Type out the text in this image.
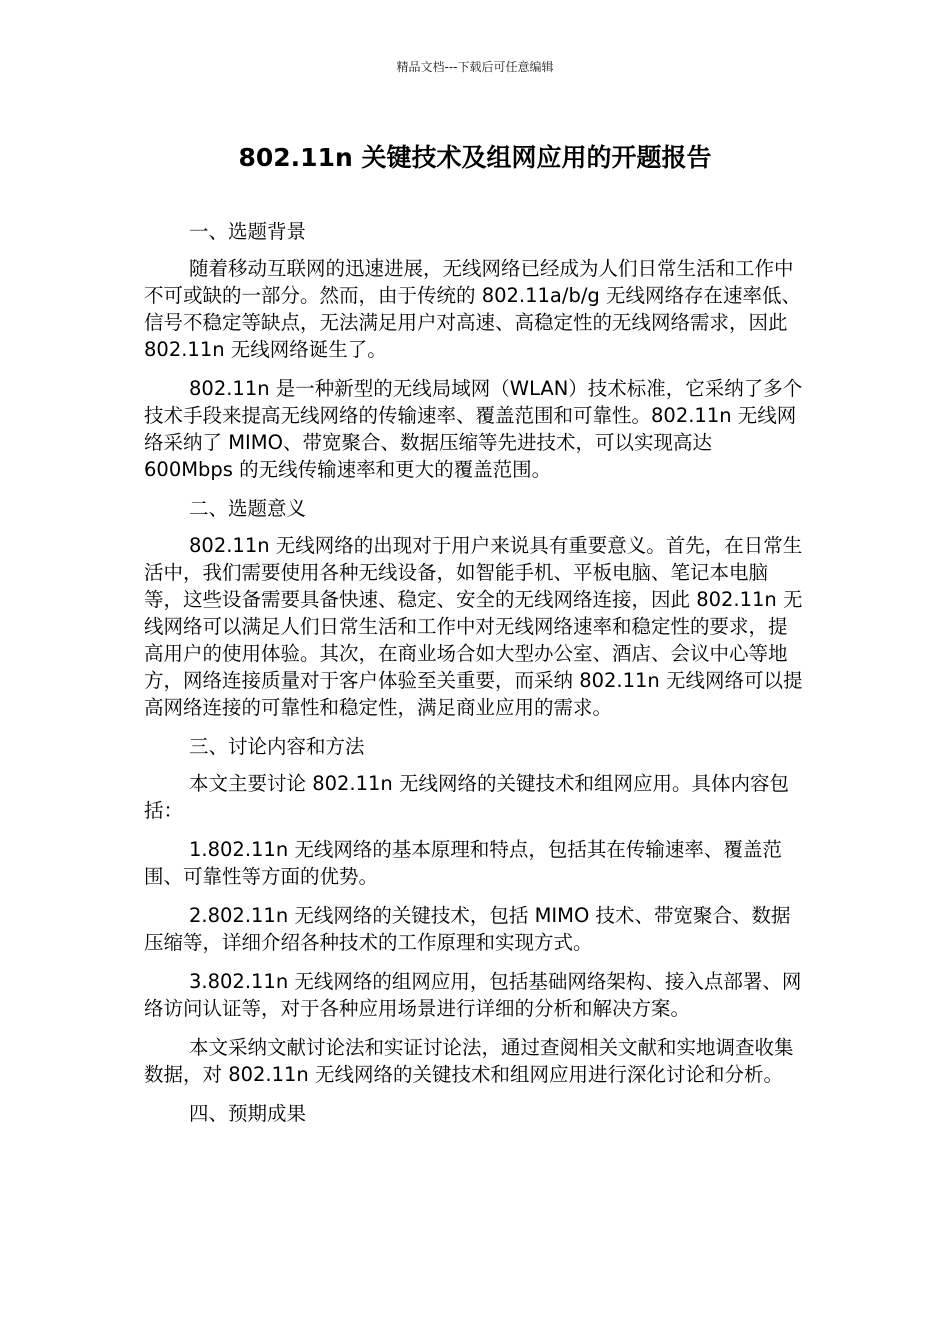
精品文档---下载后可任意编辑
802.11n 关键技术及组网应用的开题报告

一、选题背景

随着移动互联网的迅速进展，无线网络已经成为人们日常生活和工作中不可或缺的一部分。然而，由于传统的 802.11a/b/g 无线网络存在速率低、信号不稳定等缺点，无法满足用户对高速、高稳定性的无线网络需求，因此 802.11n 无线网络诞生了。

802.11n 是一种新型的无线局域网（WLAN）技术标准，它采纳了多个技术手段来提高无线网络的传输速率、覆盖范围和可靠性。802.11n 无线网络采纳了 MIMO、带宽聚合、数据压缩等先进技术，可以实现高达 600Mbps 的无线传输速率和更大的覆盖范围。

二、选题意义

802.11n 无线网络的出现对于用户来说具有重要意义。首先，在日常生活中，我们需要使用各种无线设备，如智能手机、平板电脑、笔记本电脑等，这些设备需要具备快速、稳定、安全的无线网络连接，因此 802.11n 无线网络可以满足人们日常生活和工作中对无线网络速率和稳定性的要求，提高用户的使用体验。其次，在商业场合如大型办公室、酒店、会议中心等地方，网络连接质量对于客户体验至关重要，而采纳 802.11n 无线网络可以提高网络连接的可靠性和稳定性，满足商业应用的需求。

三、讨论内容和方法

本文主要讨论 802.11n 无线网络的关键技术和组网应用。具体内容包括：

1.802.11n 无线网络的基本原理和特点，包括其在传输速率、覆盖范围、可靠性等方面的优势。

2.802.11n 无线网络的关键技术，包括 MIMO 技术、带宽聚合、数据压缩等，详细介绍各种技术的工作原理和实现方式。

3.802.11n 无线网络的组网应用，包括基础网络架构、接入点部署、网络访问认证等，对于各种应用场景进行详细的分析和解决方案。

本文采纳文献讨论法和实证讨论法，通过查阅相关文献和实地调查收集数据，对 802.11n 无线网络的关键技术和组网应用进行深化讨论和分析。

四、预期成果
